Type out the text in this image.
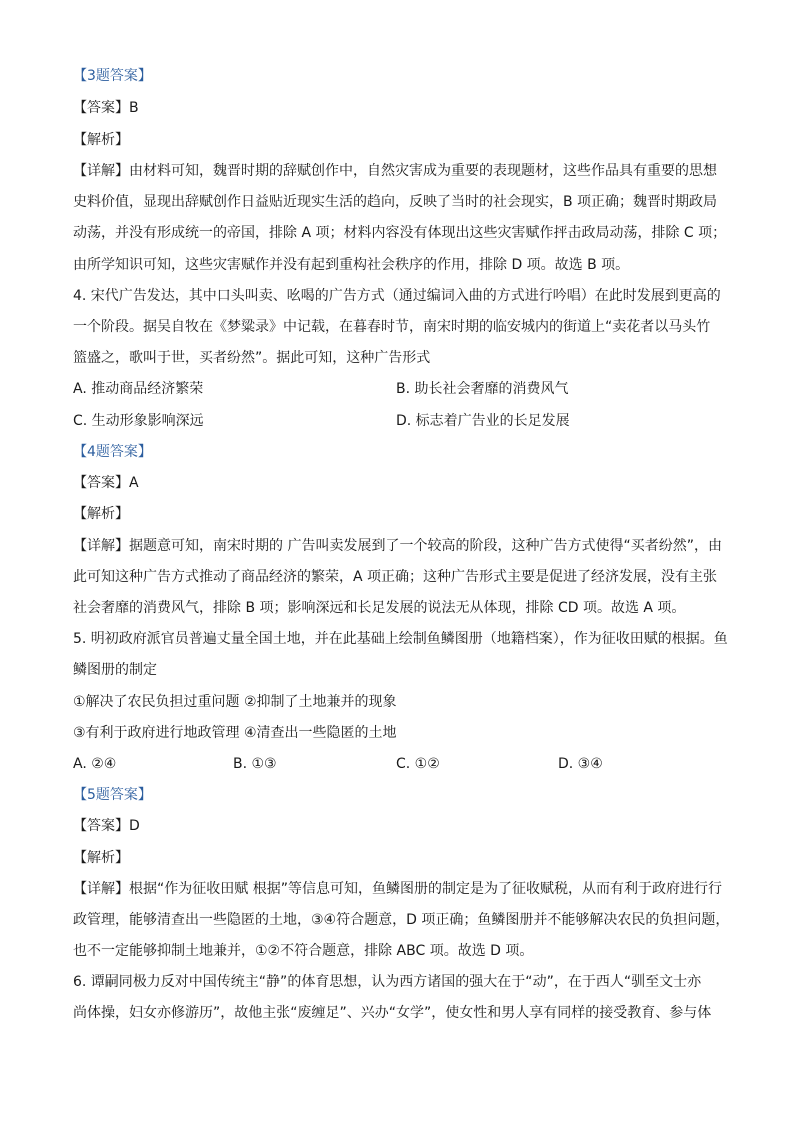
【3题答案】
【答案】B
【解析】
【详解】由材料可知，魏晋时期的辞赋创作中，自然灾害成为重要的表现题材，这些作品具有重要的思想
史料价值，显现出辞赋创作日益贴近现实生活的趋向，反映了当时的社会现实，B 项正确；魏晋时期政局
动荡，并没有形成统一的帝国，排除 A 项；材料内容没有体现出这些灾害赋作抨击政局动荡，排除 C 项；
由所学知识可知，这些灾害赋作并没有起到重构社会秩序的作用，排除 D 项。故选 B 项。
4. 宋代广告发达，其中口头叫卖、吆喝的广告方式（通过编词入曲的方式进行吟唱）在此时发展到更高的
一个阶段。据吴自牧在《梦粱录》中记载，在暮春时节，南宋时期的临安城内的街道上“卖花者以马头竹
篮盛之，歌叫于世，买者纷然”。据此可知，这种广告形式
A. 推动商品经济繁荣	B. 助长社会奢靡的消费风气
C. 生动形象影响深远	D. 标志着广告业的长足发展
【4题答案】
【答案】A
【解析】
【详解】据题意可知，南宋时期的 广告叫卖发展到了一个较高的阶段，这种广告方式使得“买者纷然”，由
此可知这种广告方式推动了商品经济的繁荣，A 项正确；这种广告形式主要是促进了经济发展，没有主张
社会奢靡的消费风气，排除 B 项；影响深远和长足发展的说法无从体现，排除 CD 项。故选 A 项。
5. 明初政府派官员普遍丈量全国土地，并在此基础上绘制鱼鳞图册（地籍档案），作为征收田赋的根据。鱼
鳞图册的制定
①解决了农民负担过重问题 ②抑制了土地兼并的现象
③有利于政府进行地政管理 ④清查出一些隐匿的土地
A. ②④	B. ①③	C. ①②	D. ③④
【5题答案】
【答案】D
【解析】
【详解】根据“作为征收田赋 根据”等信息可知，鱼鳞图册的制定是为了征收赋税，从而有利于政府进行行
政管理，能够清查出一些隐匿的土地，③④符合题意，D 项正确；鱼鳞图册并不能够解决农民的负担问题，
也不一定能够抑制土地兼并，①②不符合题意，排除 ABC 项。故选 D 项。
6. 谭嗣同极力反对中国传统主“静”的体育思想，认为西方诸国的强大在于“动”，在于西人“驯至文士亦
尚体操，妇女亦修游历”，故他主张“废缠足”、兴办“女学”，使女性和男人享有同样的接受教育、参与体
